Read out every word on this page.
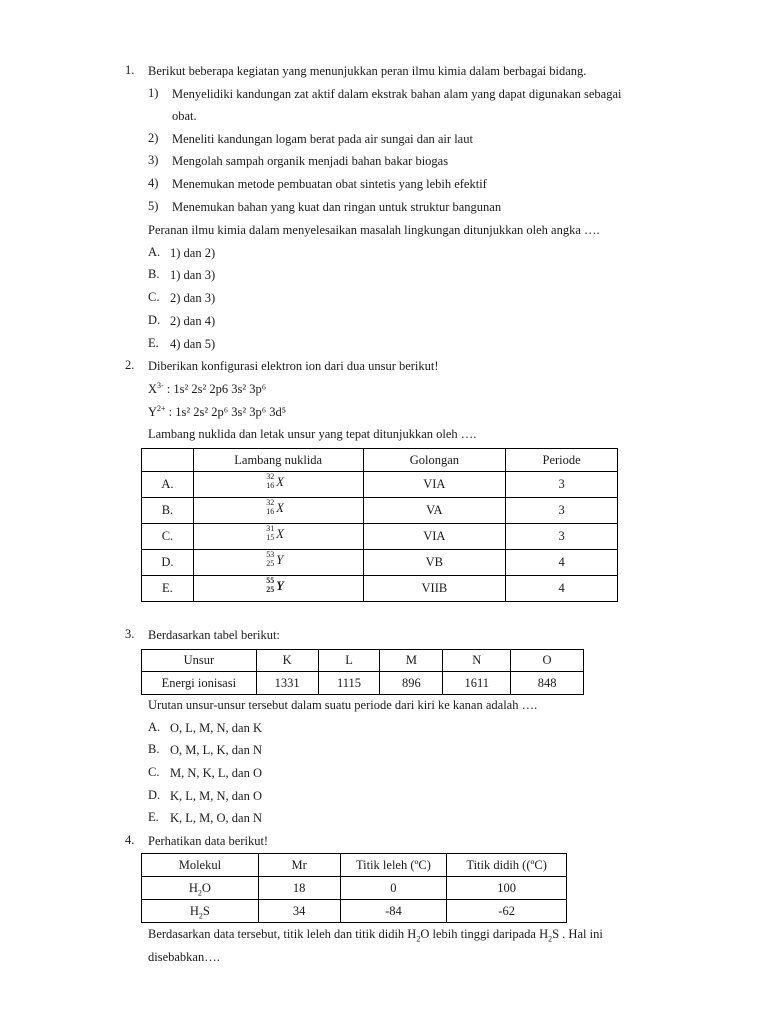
1. Berikut beberapa kegiatan yang menunjukkan peran ilmu kimia dalam berbagai bidang.
1) Menyelidiki kandungan zat aktif dalam ekstrak bahan alam yang dapat digunakan sebagai
obat.
2) Meneliti kandungan logam berat pada air sungai dan air laut
3) Mengolah sampah organik menjadi bahan bakar biogas
4) Menemukan metode pembuatan obat sintetis yang lebih efektif
5) Menemukan bahan yang kuat dan ringan untuk struktur bangunan
Peranan ilmu kimia dalam menyelesaikan masalah lingkungan ditunjukkan oleh angka ….
A. 1) dan 2)
B. 1) dan 3)
C. 2) dan 3)
D. 2) dan 4)
E. 4) dan 5)
2. Diberikan konfigurasi elektron ion dari dua unsur berikut!
$X^{3-}$ : 1s² 2s² 2p6 3s² 3p⁶
$Y^{2+}$ : 1s² 2s² 2p⁶ 3s² 3p⁶ 3d⁵
Lambang nuklida dan letak unsur yang tepat ditunjukkan oleh ….
	Lambang nuklida	Golongan	Periode
A.	32
16 X	VIA	3
B.	32
16 X	VA	3
C.	31
15 X	VIA	3
D.	53
25 Y	VB	4
E.	55
25 Y	VIIB	4
3. Berdasarkan tabel berikut:
Unsur	K	L	M	N	O
Energi ionisasi	1331	1115	896	1611	848
Urutan unsur-unsur tersebut dalam suatu periode dari kiri ke kanan adalah ….
A. O, L, M, N, dan K
B. O, M, L, K, dan N
C. M, N, K, L, dan O
D. K, L, M, N, dan O
E. K, L, M, O, dan N
4. Perhatikan data berikut!
Molekul	Mr	Titik leleh (ºC)	Titik didih ((ºC)
$H_2O$	18	0	100
$H_2S$	34	-84	-62
Berdasarkan data tersebut, titik leleh dan titik didih $H_2O$ lebih tinggi daripada $H_2S$ . Hal ini
disebabkan….
